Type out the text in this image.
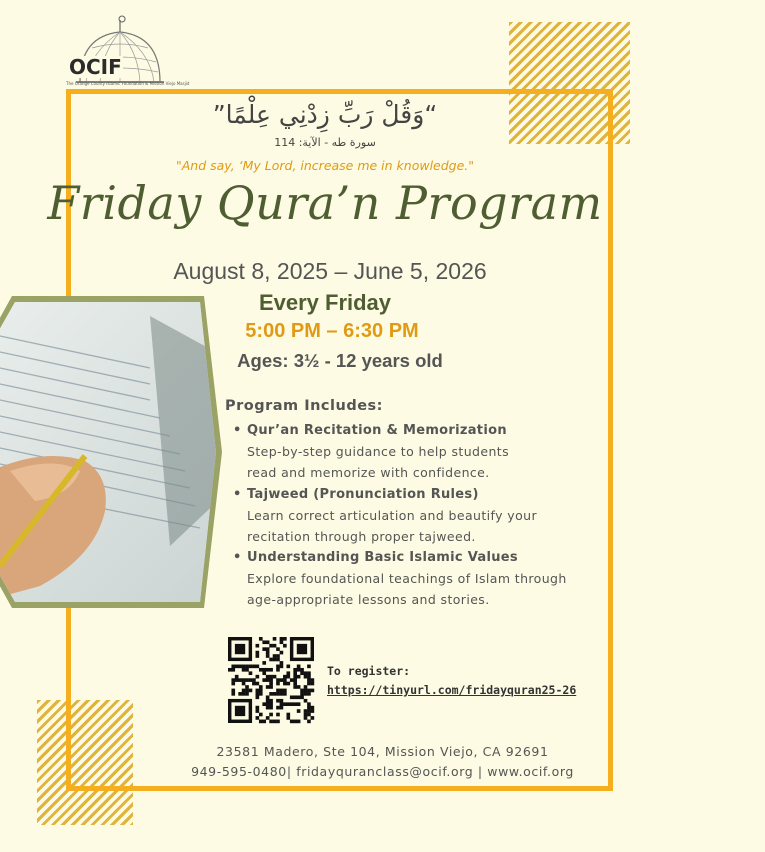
OCIF
The Orange County Islamic Foundation & Mission Viejo Masjid
“وَقُلْ رَبِّ زِدْنِي عِلْمًا”
سورة طه - الآية: 114
"And say, ‘My Lord, increase me in knowledge."
Friday Qura’n Program
August 8, 2025 – June 5, 2026
Every Friday
5:00 PM – 6:30 PM
Ages: 3½ - 12 years old
Program Includes:
• Qur’an Recitation & Memorization
Step-by-step guidance to help students
read and memorize with confidence.
• Tajweed (Pronunciation Rules)
Learn correct articulation and beautify your
recitation through proper tajweed.
• Understanding Basic Islamic Values
Explore foundational teachings of Islam through
age-appropriate lessons and stories.
To register:
https://tinyurl.com/fridayquran25-26
23581 Madero, Ste 104, Mission Viejo, CA 92691
949-595-0480| fridayquranclass@ocif.org | www.ocif.org
